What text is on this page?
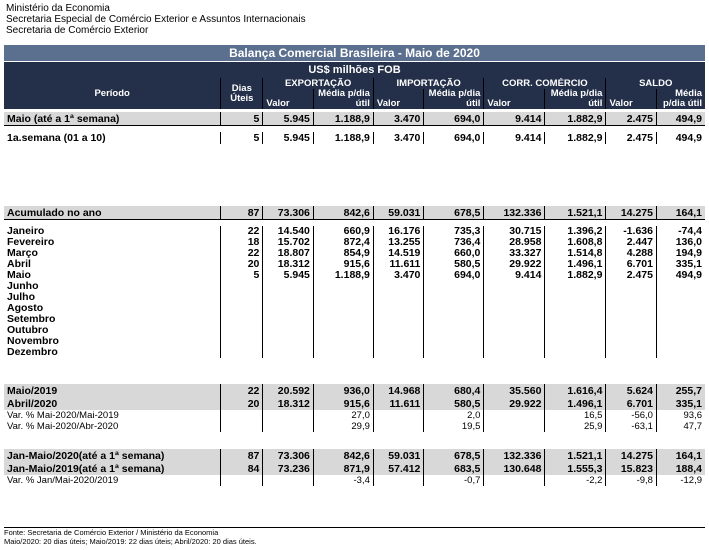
Ministério da Economia
Secretaria Especial de Comércio Exterior e Assuntos Internacionais
Secretaria de Comércio Exterior
Balança Comercial Brasileira - Maio de 2020									
US$ milhões FOB									
Período	Dias Úteis	EXPORTAÇÃO		IMPORTAÇÃO		CORR. COMÉRCIO		SALDO	
		Valor	Média p/dia útil	Valor	Média p/dia útil	Valor	Média p/dia útil	Valor	Média p/dia útil

Maio (até a 1ª semana)	5	5.945	1.188,9	3.470	694,0	9.414	1.882,9	2.475	494,9

1a.semana (01 a 10)	5	5.945	1.188,9	3.470	694,0	9.414	1.882,9	2.475	494,9

Acumulado no ano	87	73.306	842,6	59.031	678,5	132.336	1.521,1	14.275	164,1

Janeiro	22	14.540	660,9	16.176	735,3	30.715	1.396,2	-1.636	-74,4
Fevereiro	18	15.702	872,4	13.255	736,4	28.958	1.608,8	2.447	136,0
Março	22	18.807	854,9	14.519	660,0	33.327	1.514,8	4.288	194,9
Abril	20	18.312	915,6	11.611	580,5	29.922	1.496,1	6.701	335,1
Maio	5	5.945	1.188,9	3.470	694,0	9.414	1.882,9	2.475	494,9
Junho									
Julho									
Agosto									
Setembro									
Outubro									
Novembro									
Dezembro									

Maio/2019	22	20.592	936,0	14.968	680,4	35.560	1.616,4	5.624	255,7
Abril/2020	20	18.312	915,6	11.611	580,5	29.922	1.496,1	6.701	335,1
Var. % Mai-2020/Mai-2019			27,0		2,0		16,5	-56,0	93,6
Var. % Mai-2020/Abr-2020			29,9		19,5		25,9	-63,1	47,7

Jan-Maio/2020(até a 1ª semana)	87	73.306	842,6	59.031	678,5	132.336	1.521,1	14.275	164,1
Jan-Maio/2019(até a 1ª semana)	84	73.236	871,9	57.412	683,5	130.648	1.555,3	15.823	188,4
Var. % Jan/Mai-2020/2019			-3,4		-0,7		-2,2	-9,8	-12,9

Fonte: Secretaria de Comércio Exterior / Ministério da Economia
Maio/2020: 20 dias úteis; Maio/2019: 22 dias úteis; Abril/2020: 20 dias úteis.
